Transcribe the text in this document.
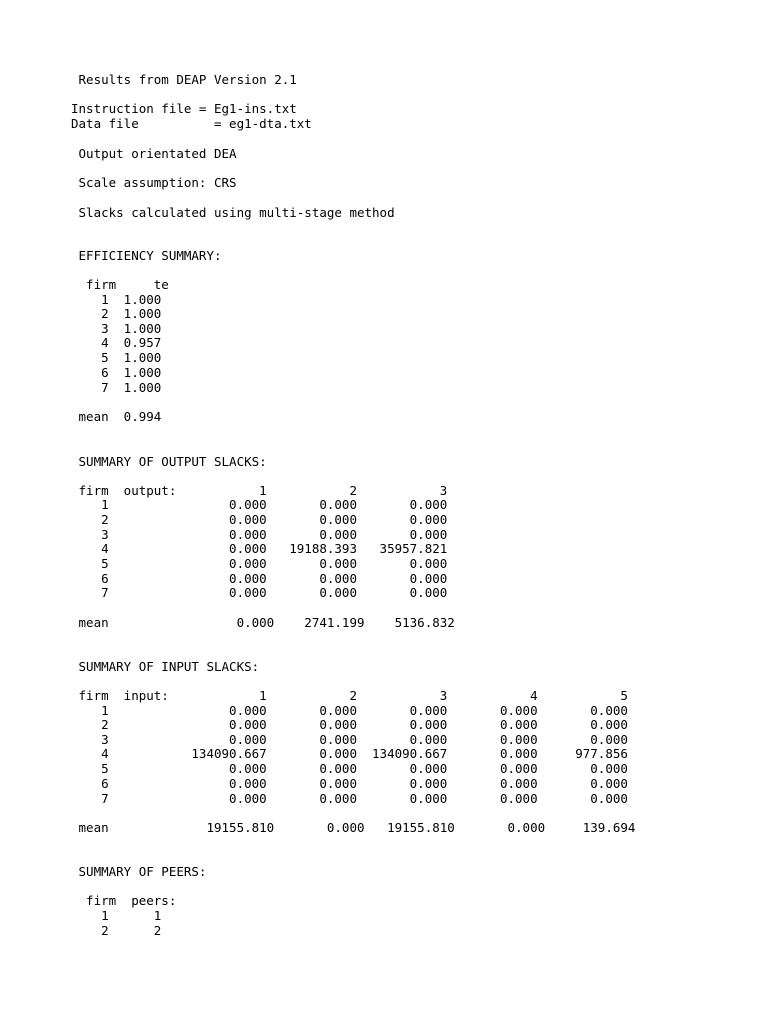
Results from DEAP Version 2.1
Instruction file = Eg1-ins.txt
Data file          = eg1-dta.txt
Output orientated DEA
Scale assumption: CRS
Slacks calculated using multi-stage method
EFFICIENCY SUMMARY:
firm     te
1  1.000
2  1.000
3  1.000
4  0.957
5  1.000
6  1.000
7  1.000
mean  0.994
SUMMARY OF OUTPUT SLACKS:
firm  output:           1           2           3
1                0.000       0.000       0.000
2                0.000       0.000       0.000
3                0.000       0.000       0.000
4                0.000   19188.393   35957.821
5                0.000       0.000       0.000
6                0.000       0.000       0.000
7                0.000       0.000       0.000
mean                 0.000    2741.199    5136.832
SUMMARY OF INPUT SLACKS:
firm  input:            1           2           3           4           5
1                0.000       0.000       0.000       0.000       0.000
2                0.000       0.000       0.000       0.000       0.000
3                0.000       0.000       0.000       0.000       0.000
4           134090.667       0.000  134090.667       0.000     977.856
5                0.000       0.000       0.000       0.000       0.000
6                0.000       0.000       0.000       0.000       0.000
7                0.000       0.000       0.000       0.000       0.000
mean             19155.810       0.000   19155.810       0.000     139.694
SUMMARY OF PEERS:
firm  peers:
1      1
2      2
